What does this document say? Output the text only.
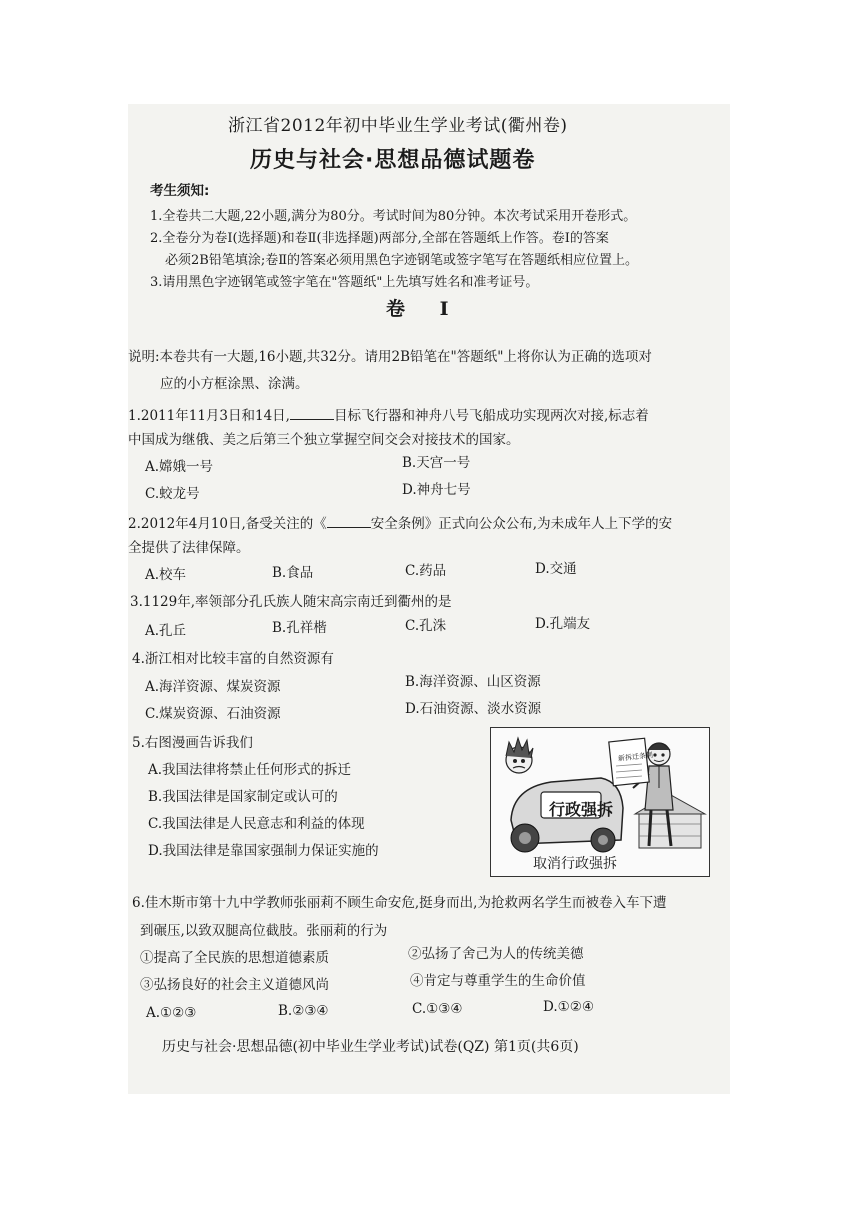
浙江省2012年初中毕业生学业考试(衢州卷)
历史与社会·思想品德试题卷
考生须知:
1.全卷共二大题,22小题,满分为80分。考试时间为80分钟。本次考试采用开卷形式。
2.全卷分为卷Ⅰ(选择题)和卷Ⅱ(非选择题)两部分,全部在答题纸上作答。卷Ⅰ的答案
必须2B铅笔填涂;卷Ⅱ的答案必须用黑色字迹钢笔或签字笔写在答题纸相应位置上。
3.请用黑色字迹钢笔或签字笔在"答题纸"上先填写姓名和准考证号。
卷 Ⅰ
说明:本卷共有一大题,16小题,共32分。请用2B铅笔在"答题纸"上将你认为正确的选项对
应的小方框涂黑、涂满。
1.2011年11月3日和14日,	目标飞行器和神舟八号飞船成功实现两次对接,标志着
中国成为继俄、美之后第三个独立掌握空间交会对接技术的国家。
A.嫦娥一号	B.天宫一号
C.蛟龙号	D.神舟七号
2.2012年4月10日,备受关注的《	安全条例》正式向公众公布,为未成年人上下学的安
全提供了法律保障。
A.校车	B.食品	C.药品	D.交通
3.1129年,率领部分孔氏族人随宋高宗南迁到衢州的是
A.孔丘	B.孔祥楷	C.孔洙	D.孔端友
4.浙江相对比较丰富的自然资源有
A.海洋资源、煤炭资源	B.海洋资源、山区资源
C.煤炭资源、石油资源	D.石油资源、淡水资源
5.右图漫画告诉我们
A.我国法律将禁止任何形式的拆迁
B.我国法律是国家制定或认可的
C.我国法律是人民意志和利益的体现
D.我国法律是靠国家强制力保证实施的
新拆迁条例
行政强拆
取消行政强拆
6.佳木斯市第十九中学教师张丽莉不顾生命安危,挺身而出,为抢救两名学生而被卷入车下遭
到碾压,以致双腿高位截肢。张丽莉的行为
①提高了全民族的思想道德素质	②弘扬了舍己为人的传统美德
③弘扬良好的社会主义道德风尚	④肯定与尊重学生的生命价值
A.①②③	B.②③④	C.①③④	D.①②④
历史与社会·思想品德(初中毕业生学业考试)试卷(QZ) 第1页(共6页)
